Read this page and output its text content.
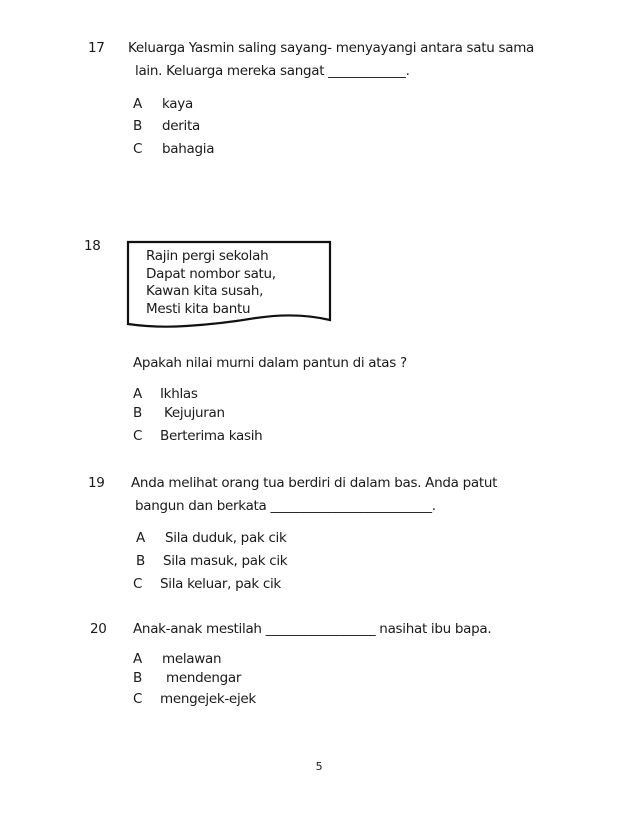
17 Keluarga Yasmin saling sayang- menyayangi antara satu sama
lain. Keluarga mereka sangat ____________.
A kaya
B derita
C bahagia
18
Rajin pergi sekolah
Dapat nombor satu,
Kawan kita susah,
Mesti kita bantu
Apakah nilai murni dalam pantun di atas ?
A Ikhlas
B Kejujuran
C Berterima kasih
19 Anda melihat orang tua berdiri di dalam bas. Anda patut
bangun dan berkata _________________________.
A Sila duduk, pak cik
B Sila masuk, pak cik
C Sila keluar, pak cik
20 Anak-anak mestilah _________________ nasihat ibu bapa.
A melawan
B mendengar
C mengejek-ejek
5
